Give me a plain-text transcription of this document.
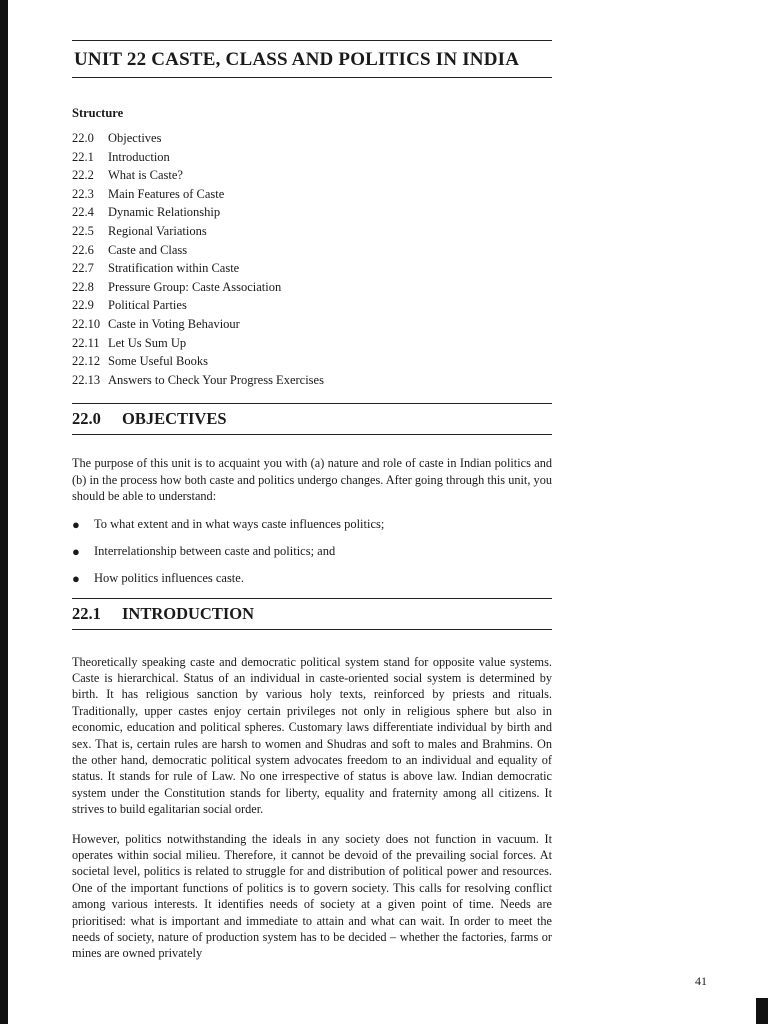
UNIT 22 CASTE, CLASS AND POLITICS IN INDIA
Structure
22.0	Objectives
22.1	Introduction
22.2	What is Caste?
22.3	Main Features of Caste
22.4	Dynamic Relationship
22.5	Regional Variations
22.6	Caste and Class
22.7	Stratification within Caste
22.8	Pressure Group: Caste Association
22.9	Political Parties
22.10 Caste in Voting Behaviour
22.11 Let Us Sum Up
22.12 Some Useful Books
22.13 Answers to Check Your Progress Exercises
22.0 OBJECTIVES

The purpose of this unit is to acquaint you with (a) nature and role of caste in Indian politics and (b) in the process how both caste and politics undergo changes. After going through this unit, you should be able to understand:

●	To what extent and in what ways caste influences politics;
●	Interrelationship between caste and politics; and
●	How politics influences caste.
22.1 INTRODUCTION

Theoretically speaking caste and democratic political system stand for opposite value systems. Caste is hierarchical. Status of an individual in caste-oriented social system is determined by birth. It has religious sanction by various holy texts, reinforced by priests and rituals. Traditionally, upper castes enjoy certain privileges not only in religious sphere but also in economic, education and political spheres. Customary laws differentiate individual by birth and sex. That is, certain rules are harsh to women and Shudras and soft to males and Brahmins. On the other hand, democratic political system advocates freedom to an individual and equality of status. It stands for rule of Law. No one irrespective of status is above law. Indian democratic system under the Constitution stands for liberty, equality and fraternity among all citizens. It strives to build egalitarian social order.

However, politics notwithstanding the ideals in any society does not function in vacuum. It operates within social milieu. Therefore, it cannot be devoid of the prevailing social forces. At societal level, politics is related to struggle for and distribution of political power and resources. One of the important functions of politics is to govern society. This calls for resolving conflict among various interests. It identifies needs of society at a given point of time. Needs are prioritised: what is important and immediate to attain and what can wait. In order to meet the needs of society, nature of production system has to be decided – whether the factories, farms or mines are owned privately

41
